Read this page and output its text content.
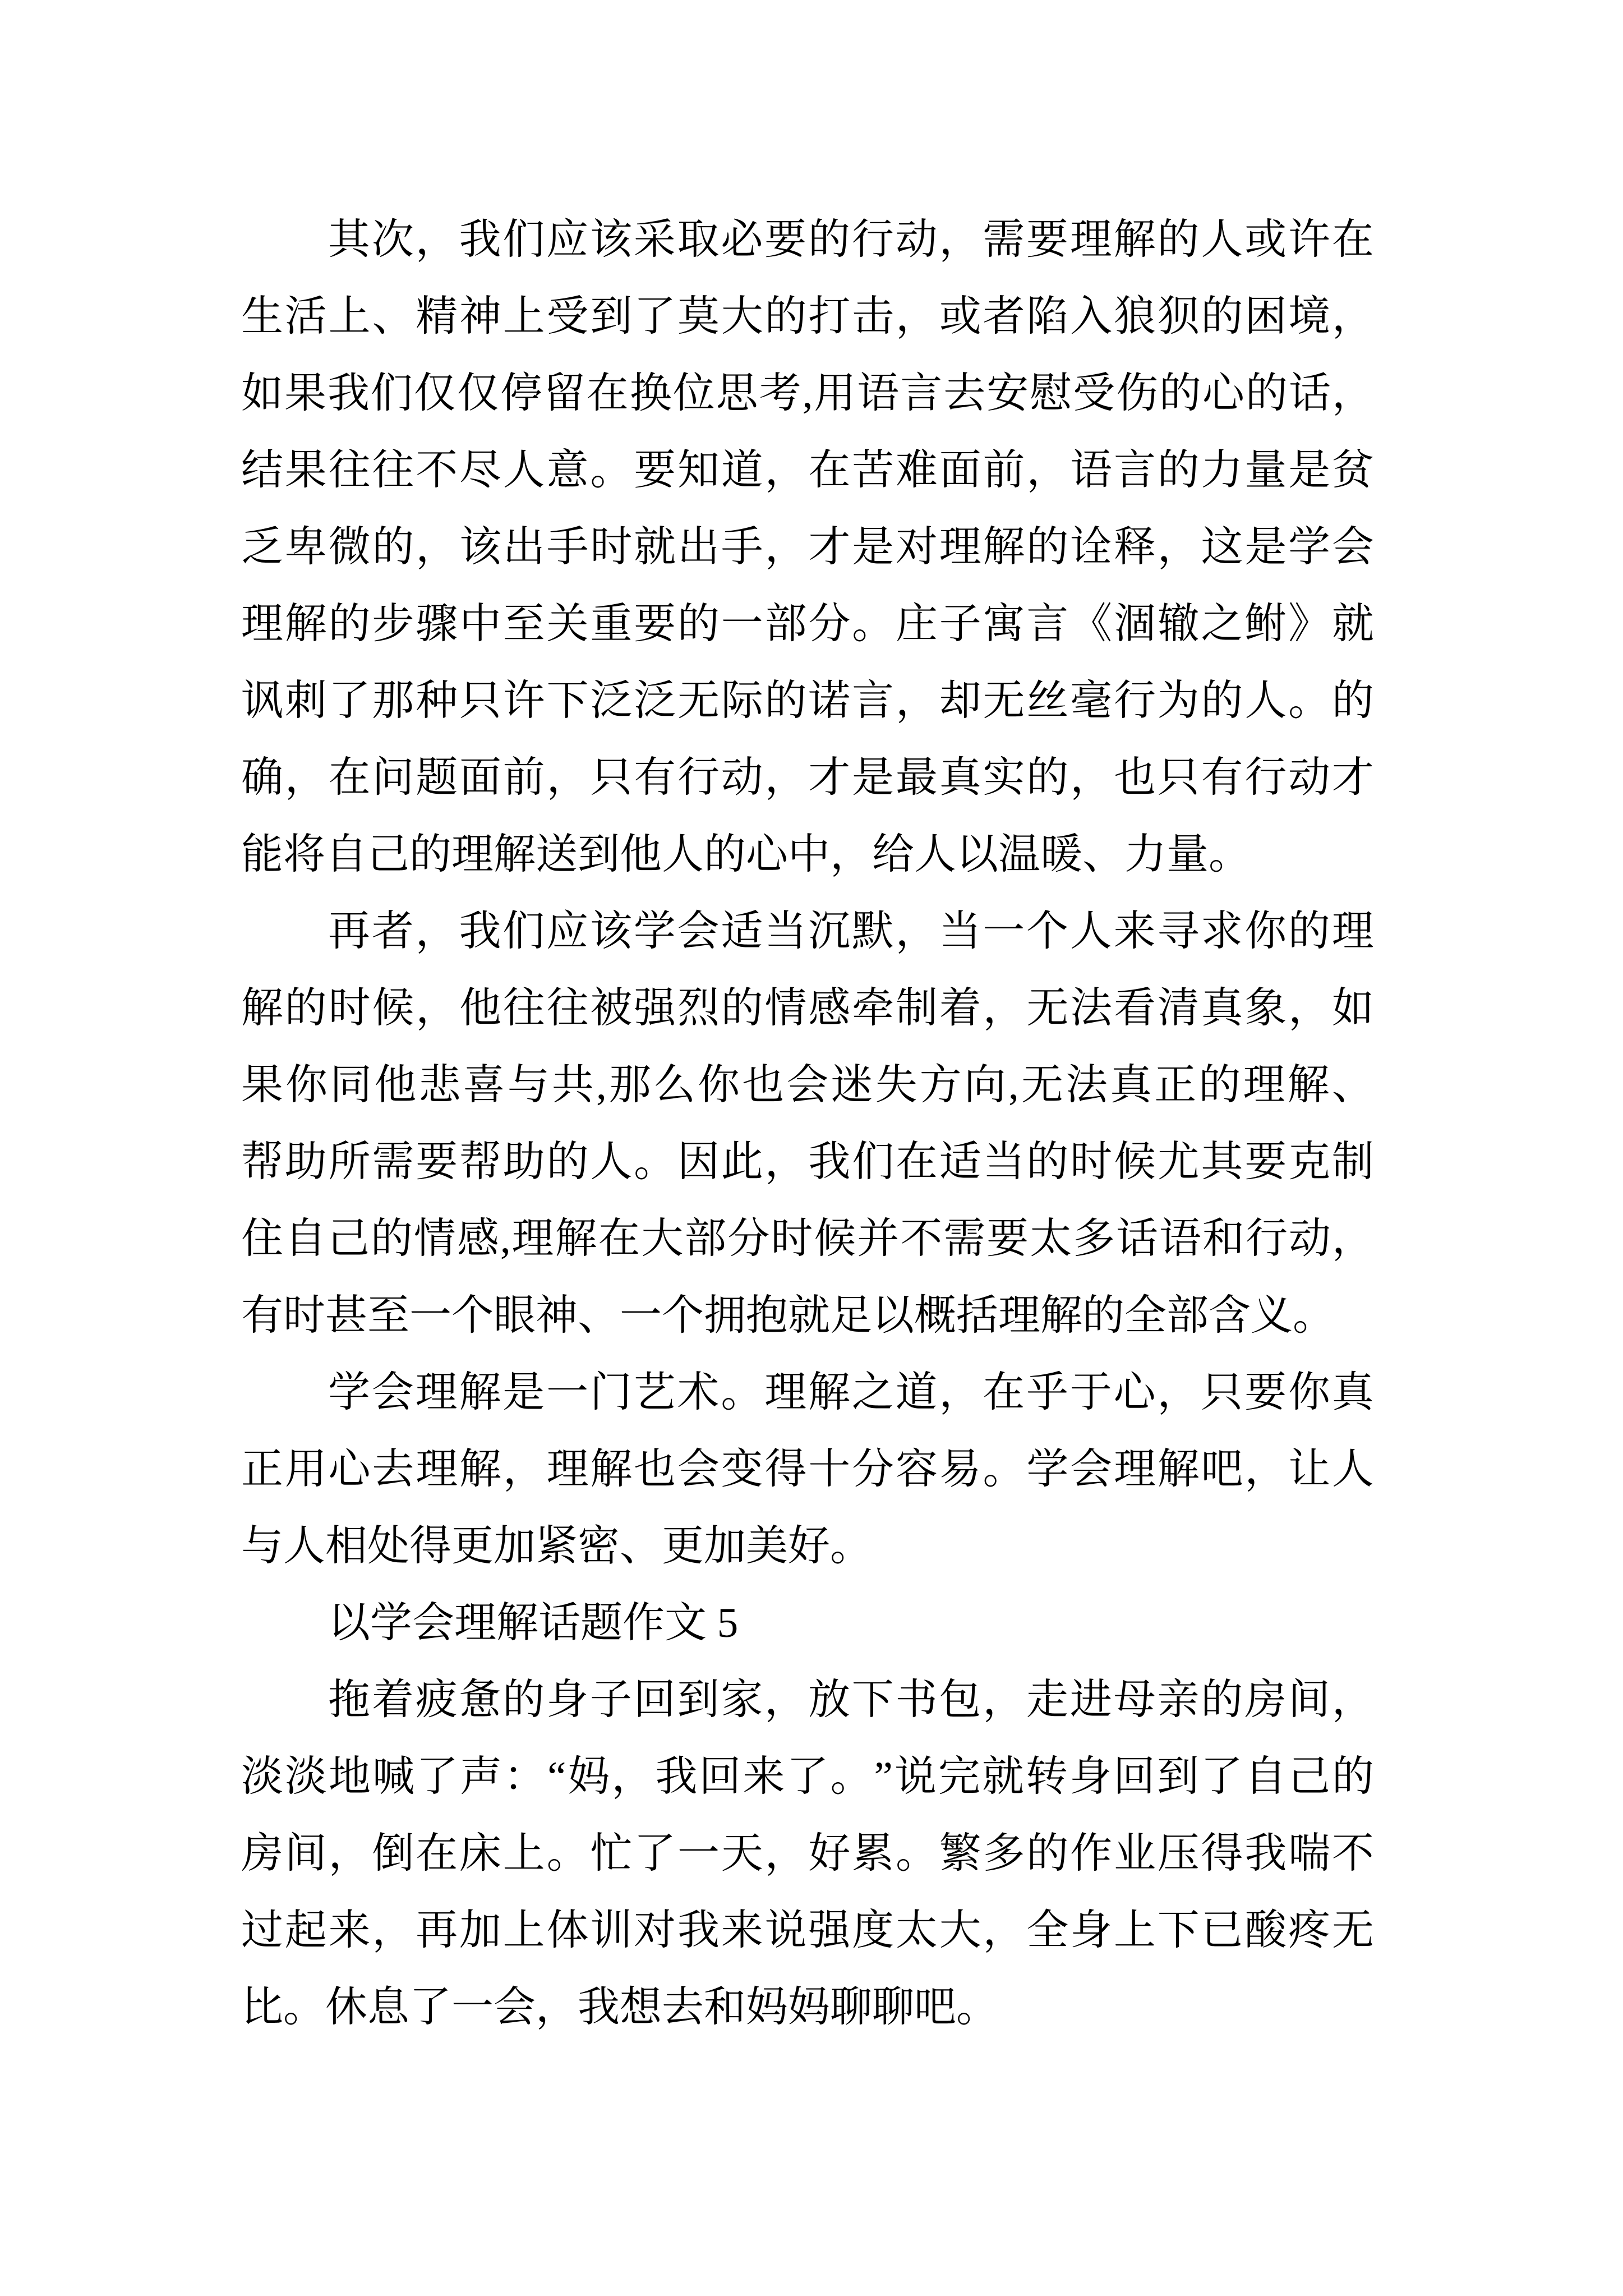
其 次 ， 我 们 应 该 采 取 必 要 的 行 动 ， 需 要 理 解 的 人 或 许 在
生 活 上 、 精 神 上 受 到 了 莫 大 的 打 击 ， 或 者 陷 入 狼 狈 的 困 境 ，
如 果 我 们 仅 仅 停 留 在 换 位 思 考 , 用 语 言 去 安 慰 受 伤 的 心 的 话 ，
结 果 往 往 不 尽 人 意 。 要 知 道 ， 在 苦 难 面 前 ， 语 言 的 力 量 是 贫
乏 卑 微 的 ， 该 出 手 时 就 出 手 ， 才 是 对 理 解 的 诠 释 ， 这 是 学 会
理 解 的 步 骤 中 至 关 重 要 的 一 部 分 。 庄 子 寓 言 《 涸 辙 之 鲋 》 就
讽 刺 了 那 种 只 许 下 泛 泛 无 际 的 诺 言 ， 却 无 丝 毫 行 为 的 人 。 的
确 ， 在 问 题 面 前 ， 只 有 行 动 ， 才 是 最 真 实 的 ， 也 只 有 行 动 才
能将自己的理解送到他人的心中，给人以温暖、力量。
再 者 ， 我 们 应 该 学 会 适 当 沉 默 ， 当 一 个 人 来 寻 求 你 的 理
解 的 时 候 ， 他 往 往 被 强 烈 的 情 感 牵 制 着 ， 无 法 看 清 真 象 ， 如
果 你 同 他 悲 喜 与 共 , 那 么 你 也 会 迷 失 方 向 , 无 法 真 正 的 理 解 、
帮 助 所 需 要 帮 助 的 人 。 因 此 ， 我 们 在 适 当 的 时 候 尤 其 要 克 制
住 自 己 的 情 感 , 理 解 在 大 部 分 时 候 并 不 需 要 太 多 话 语 和 行 动 ，
有时甚至一个眼神、一个拥抱就足以概括理解的全部含义。
学 会 理 解 是 一 门 艺 术 。 理 解 之 道 ， 在 乎 于 心 ， 只 要 你 真
正 用 心 去 理 解 ， 理 解 也 会 变 得 十 分 容 易 。 学 会 理 解 吧 ， 让 人
与人相处得更加紧密、更加美好。
以学会理解话题作文 5
拖 着 疲 惫 的 身 子 回 到 家 ， 放 下 书 包 ， 走 进 母 亲 的 房 间 ，
淡 淡 地 喊 了 声 ： “ 妈 ， 我 回 来 了 。 ” 说 完 就 转 身 回 到 了 自 己 的
房 间 ， 倒 在 床 上 。 忙 了 一 天 ， 好 累 。 繁 多 的 作 业 压 得 我 喘 不
过 起 来 ， 再 加 上 体 训 对 我 来 说 强 度 太 大 ， 全 身 上 下 已 酸 疼 无
比。休息了一会，我想去和妈妈聊聊吧。
